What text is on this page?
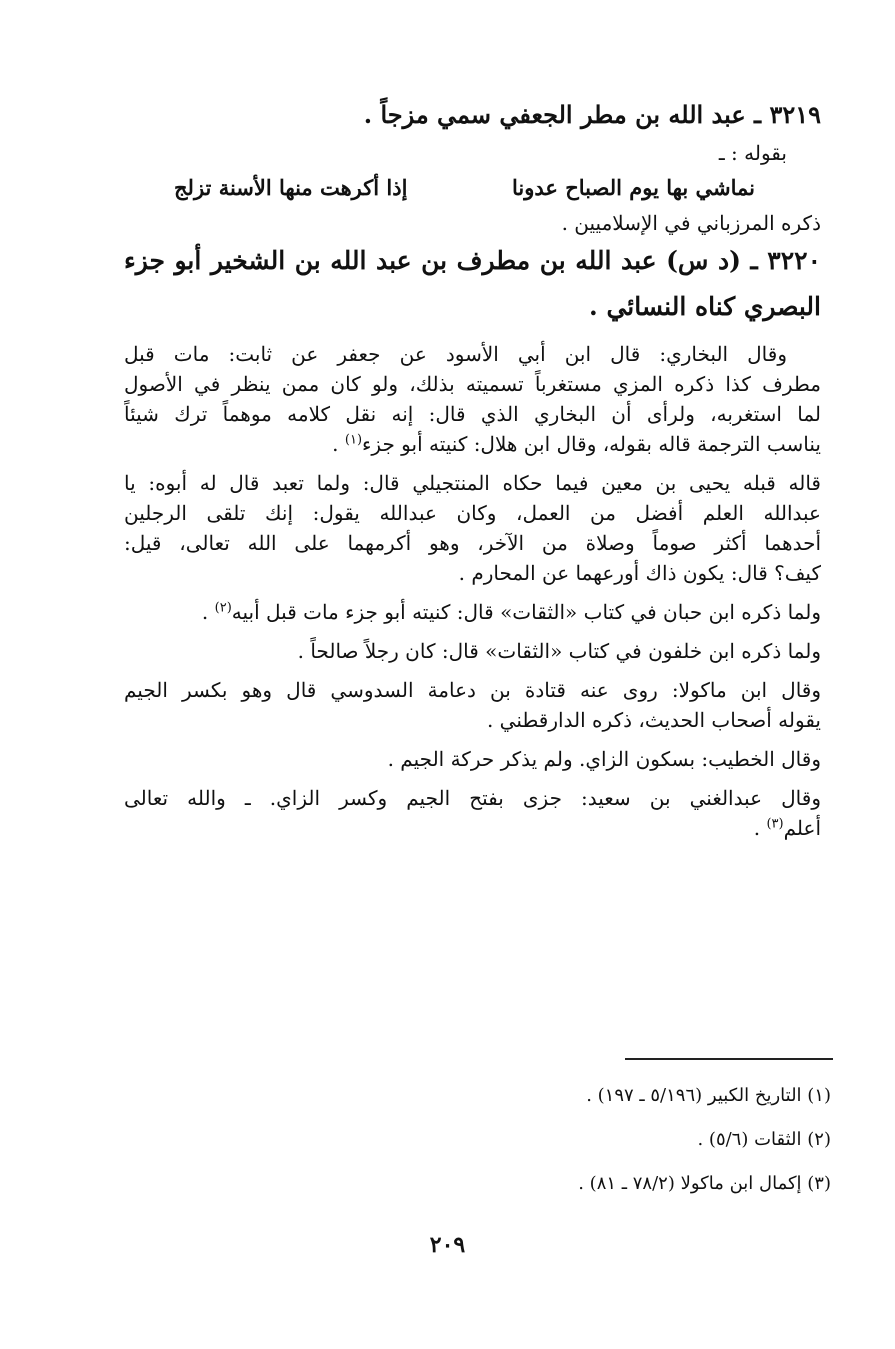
٣٢١٩ ـ عبد الله بن مطر الجعفي سمي مزجاً .
بقوله : ـ
نماشي بها يوم الصباح عدونا
إذا أكرهت منها الأسنة تزلج
ذكره المرزباني في الإسلاميين .
٣٢٢٠ ـ (د س) عبد الله بن مطرف بن عبد الله بن الشخير أبو جزء
البصري كناه النسائي .
وقال البخاري: قال ابن أبي الأسود عن جعفر عن ثابت: مات قبل
مطرف كذا ذكره المزي مستغرباً تسميته بذلك، ولو كان ممن ينظر في الأصول
لما استغربه، ولرأى أن البخاري الذي قال: إنه نقل كلامه موهماً ترك شيئاً
يناسب الترجمة قاله بقوله، وقال ابن هلال: كنيته أبو جزء$^{(١)}$ .
قاله قبله يحيى بن معين فيما حكاه المنتجيلي قال: ولما تعبد قال له أبوه: يا
عبدالله العلم أفضل من العمل، وكان عبدالله يقول: إنك تلقى الرجلين
أحدهما أكثر صوماً وصلاة من الآخر، وهو أكرمهما على الله تعالى، قيل:
كيف؟ قال: يكون ذاك أورعهما عن المحارم .
ولما ذكره ابن حبان في كتاب «الثقات» قال: كنيته أبو جزء مات قبل أبيه$^{(٢)}$ .
ولما ذكره ابن خلفون في كتاب «الثقات» قال: كان رجلاً صالحاً .
وقال ابن ماكولا: روى عنه قتادة بن دعامة السدوسي قال وهو بكسر الجيم
يقوله أصحاب الحديث، ذكره الدارقطني .
وقال الخطيب: بسكون الزاي. ولم يذكر حركة الجيم .
وقال عبدالغني بن سعيد: جزى بفتح الجيم وكسر الزاي. ـ والله تعالى
أعلم$^{(٣)}$ .
(١) التاريخ الكبير (٥/١٩٦ ـ ١٩٧) .
(٢) الثقات (٥/٦) .
(٣) إكمال ابن ماكولا (٧٨/٢ ـ ٨١) .
٢٠٩
